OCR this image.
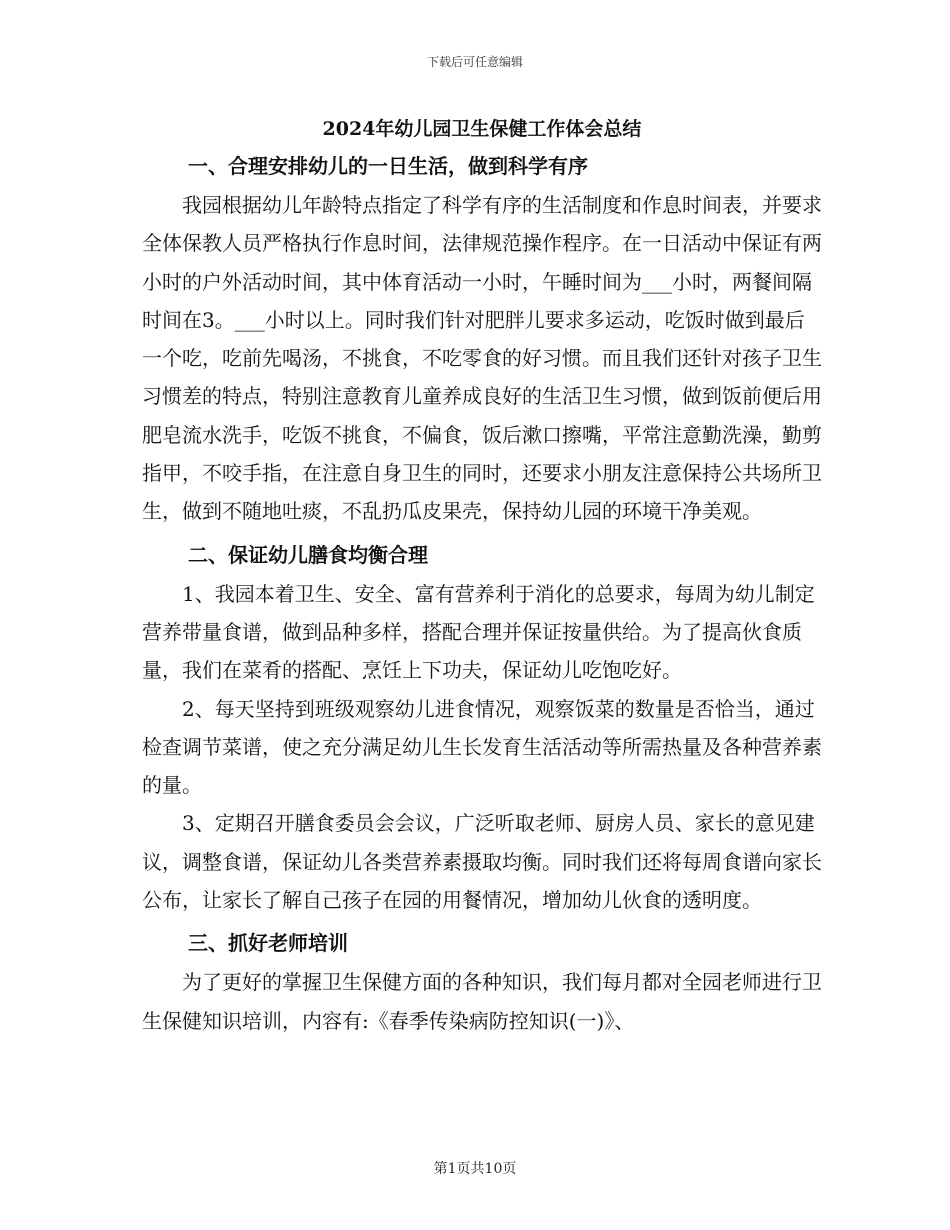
下载后可任意编辑
2024年幼儿园卫生保健工作体会总结
一、合理安排幼儿的一日生活，做到科学有序

我园根据幼儿年龄特点指定了科学有序的生活制度和作息时间表，并要求全体保教人员严格执行作息时间，法律规范操作程序。在一日活动中保证有两小时的户外活动时间，其中体育活动一小时，午睡时间为___小时，两餐间隔时间在3。___小时以上。同时我们针对肥胖儿要求多运动，吃饭时做到最后一个吃，吃前先喝汤，不挑食，不吃零食的好习惯。而且我们还针对孩子卫生习惯差的特点，特别注意教育儿童养成良好的生活卫生习惯，做到饭前便后用肥皂流水洗手，吃饭不挑食，不偏食，饭后漱口擦嘴，平常注意勤洗澡，勤剪指甲，不咬手指，在注意自身卫生的同时，还要求小朋友注意保持公共场所卫生，做到不随地吐痰，不乱扔瓜皮果壳，保持幼儿园的环境干净美观。

二、保证幼儿膳食均衡合理

1、我园本着卫生、安全、富有营养利于消化的总要求，每周为幼儿制定营养带量食谱，做到品种多样，搭配合理并保证按量供给。为了提高伙食质量，我们在菜肴的搭配、烹饪上下功夫，保证幼儿吃饱吃好。

2、每天坚持到班级观察幼儿进食情况，观察饭菜的数量是否恰当，通过检查调节菜谱，使之充分满足幼儿生长发育生活活动等所需热量及各种营养素的量。

3、定期召开膳食委员会会议，广泛听取老师、厨房人员、家长的意见建议，调整食谱，保证幼儿各类营养素摄取均衡。同时我们还将每周食谱向家长公布，让家长了解自己孩子在园的用餐情况，增加幼儿伙食的透明度。

三、抓好老师培训

为了更好的掌握卫生保健方面的各种知识，我们每月都对全园老师进行卫生保健知识培训，内容有:《春季传染病防控知识(一)》、

第1页共10页
